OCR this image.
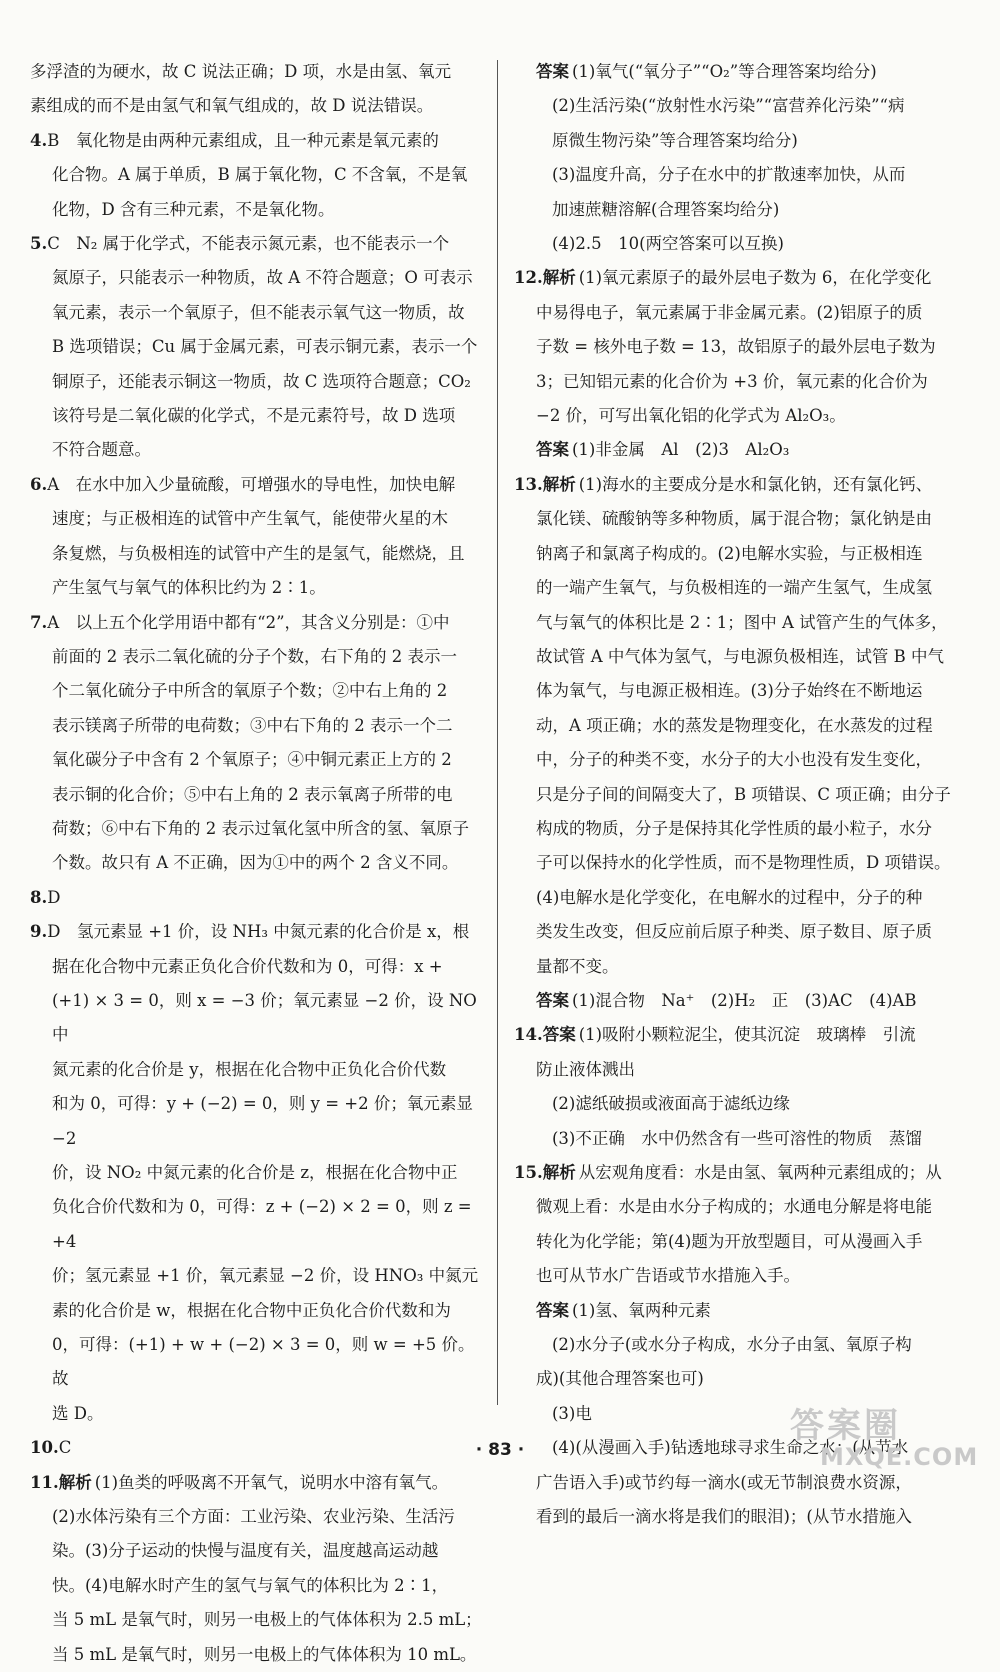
多浮渣的为硬水，故 C 说法正确；D 项，水是由氢、氧元

素组成的而不是由氢气和氧气组成的，故 D 说法错误。

4.B　氧化物是由两种元素组成，且一种元素是氧元素的

化合物。A 属于单质，B 属于氧化物，C 不含氧，不是氧

化物，D 含有三种元素，不是氧化物。

5.C　N₂ 属于化学式，不能表示氮元素，也不能表示一个

氮原子，只能表示一种物质，故 A 不符合题意；O 可表示

氧元素，表示一个氧原子，但不能表示氧气这一物质，故

B 选项错误；Cu 属于金属元素，可表示铜元素，表示一个

铜原子，还能表示铜这一物质，故 C 选项符合题意；CO₂

该符号是二氧化碳的化学式，不是元素符号，故 D 选项

不符合题意。

6.A　在水中加入少量硫酸，可增强水的导电性，加快电解

速度；与正极相连的试管中产生氧气，能使带火星的木

条复燃，与负极相连的试管中产生的是氢气，能燃烧，且

产生氢气与氧气的体积比约为 2∶1。

7.A　以上五个化学用语中都有“2”，其含义分别是：①中

前面的 2 表示二氧化硫的分子个数，右下角的 2 表示一

个二氧化硫分子中所含的氧原子个数；②中右上角的 2

表示镁离子所带的电荷数；③中右下角的 2 表示一个二

氧化碳分子中含有 2 个氧原子；④中铜元素正上方的 2

表示铜的化合价；⑤中右上角的 2 表示氧离子所带的电

荷数；⑥中右下角的 2 表示过氧化氢中所含的氢、氧原子

个数。故只有 A 不正确，因为①中的两个 2 含义不同。

8.D

9.D　氢元素显 +1 价，设 NH₃ 中氮元素的化合价是 x，根

据在化合物中元素正负化合价代数和为 0，可得：x +

(+1) × 3 = 0，则 x = −3 价；氧元素显 −2 价，设 NO 中

氮元素的化合价是 y，根据在化合物中正负化合价代数

和为 0，可得：y + (−2) = 0，则 y = +2 价；氧元素显 −2

价，设 NO₂ 中氮元素的化合价是 z，根据在化合物中正

负化合价代数和为 0，可得：z + (−2) × 2 = 0，则 z = +4

价；氢元素显 +1 价，氧元素显 −2 价，设 HNO₃ 中氮元

素的化合价是 w，根据在化合物中正负化合价代数和为

0，可得：(+1) + w + (−2) × 3 = 0，则 w = +5 价。故

选 D。

10.C

11.解析 (1)鱼类的呼吸离不开氧气，说明水中溶有氧气。

(2)水体污染有三个方面：工业污染、农业污染、生活污

染。(3)分子运动的快慢与温度有关，温度越高运动越

快。(4)电解水时产生的氢气与氧气的体积比为 2∶1，

当 5 mL 是氧气时，则另一电极上的气体体积为 2.5 mL；

当 5 mL 是氧气时，则另一电极上的气体体积为 10 mL。

答案 (1)氧气(“氧分子”“O₂”等合理答案均给分)

(2)生活污染(“放射性水污染”“富营养化污染”“病

原微生物污染”等合理答案均给分)

(3)温度升高，分子在水中的扩散速率加快，从而

加速蔗糖溶解(合理答案均给分)

(4)2.5　10(两空答案可以互换)

12.解析 (1)氧元素原子的最外层电子数为 6，在化学变化

中易得电子，氧元素属于非金属元素。(2)铝原子的质

子数 = 核外电子数 = 13，故铝原子的最外层电子数为

3；已知铝元素的化合价为 +3 价，氧元素的化合价为

−2 价，可写出氧化铝的化学式为 Al₂O₃。

答案 (1)非金属　Al　(2)3　Al₂O₃

13.解析 (1)海水的主要成分是水和氯化钠，还有氯化钙、

氯化镁、硫酸钠等多种物质，属于混合物；氯化钠是由

钠离子和氯离子构成的。(2)电解水实验，与正极相连

的一端产生氧气，与负极相连的一端产生氢气，生成氢

气与氧气的体积比是 2∶1；图中 A 试管产生的气体多，

故试管 A 中气体为氢气，与电源负极相连，试管 B 中气

体为氧气，与电源正极相连。(3)分子始终在不断地运

动，A 项正确；水的蒸发是物理变化，在水蒸发的过程

中，分子的种类不变，水分子的大小也没有发生变化，

只是分子间的间隔变大了，B 项错误、C 项正确；由分子

构成的物质，分子是保持其化学性质的最小粒子，水分

子可以保持水的化学性质，而不是物理性质，D 项错误。

(4)电解水是化学变化，在电解水的过程中，分子的种

类发生改变，但反应前后原子种类、原子数目、原子质

量都不变。

答案 (1)混合物　Na⁺　(2)H₂　正　(3)AC　(4)AB

14.答案 (1)吸附小颗粒泥尘，使其沉淀　玻璃棒　引流

防止液体溅出

(2)滤纸破损或液面高于滤纸边缘

(3)不正确　水中仍然含有一些可溶性的物质　蒸馏

15.解析 从宏观角度看：水是由氢、氧两种元素组成的；从

微观上看：水是由水分子构成的；水通电分解是将电能

转化为化学能；第(4)题为开放型题目，可从漫画入手

也可从节水广告语或节水措施入手。

答案 (1)氢、氧两种元素

(2)水分子(或水分子构成，水分子由氢、氧原子构

成)(其他合理答案也可)

(3)电

(4)(从漫画入手)钻透地球寻求生命之水；(从节水

广告语入手)或节约每一滴水(或无节制浪费水资源，

看到的最后一滴水将是我们的眼泪)；(从节水措施入

· 83 ·
答案圈
MXQE.COM
